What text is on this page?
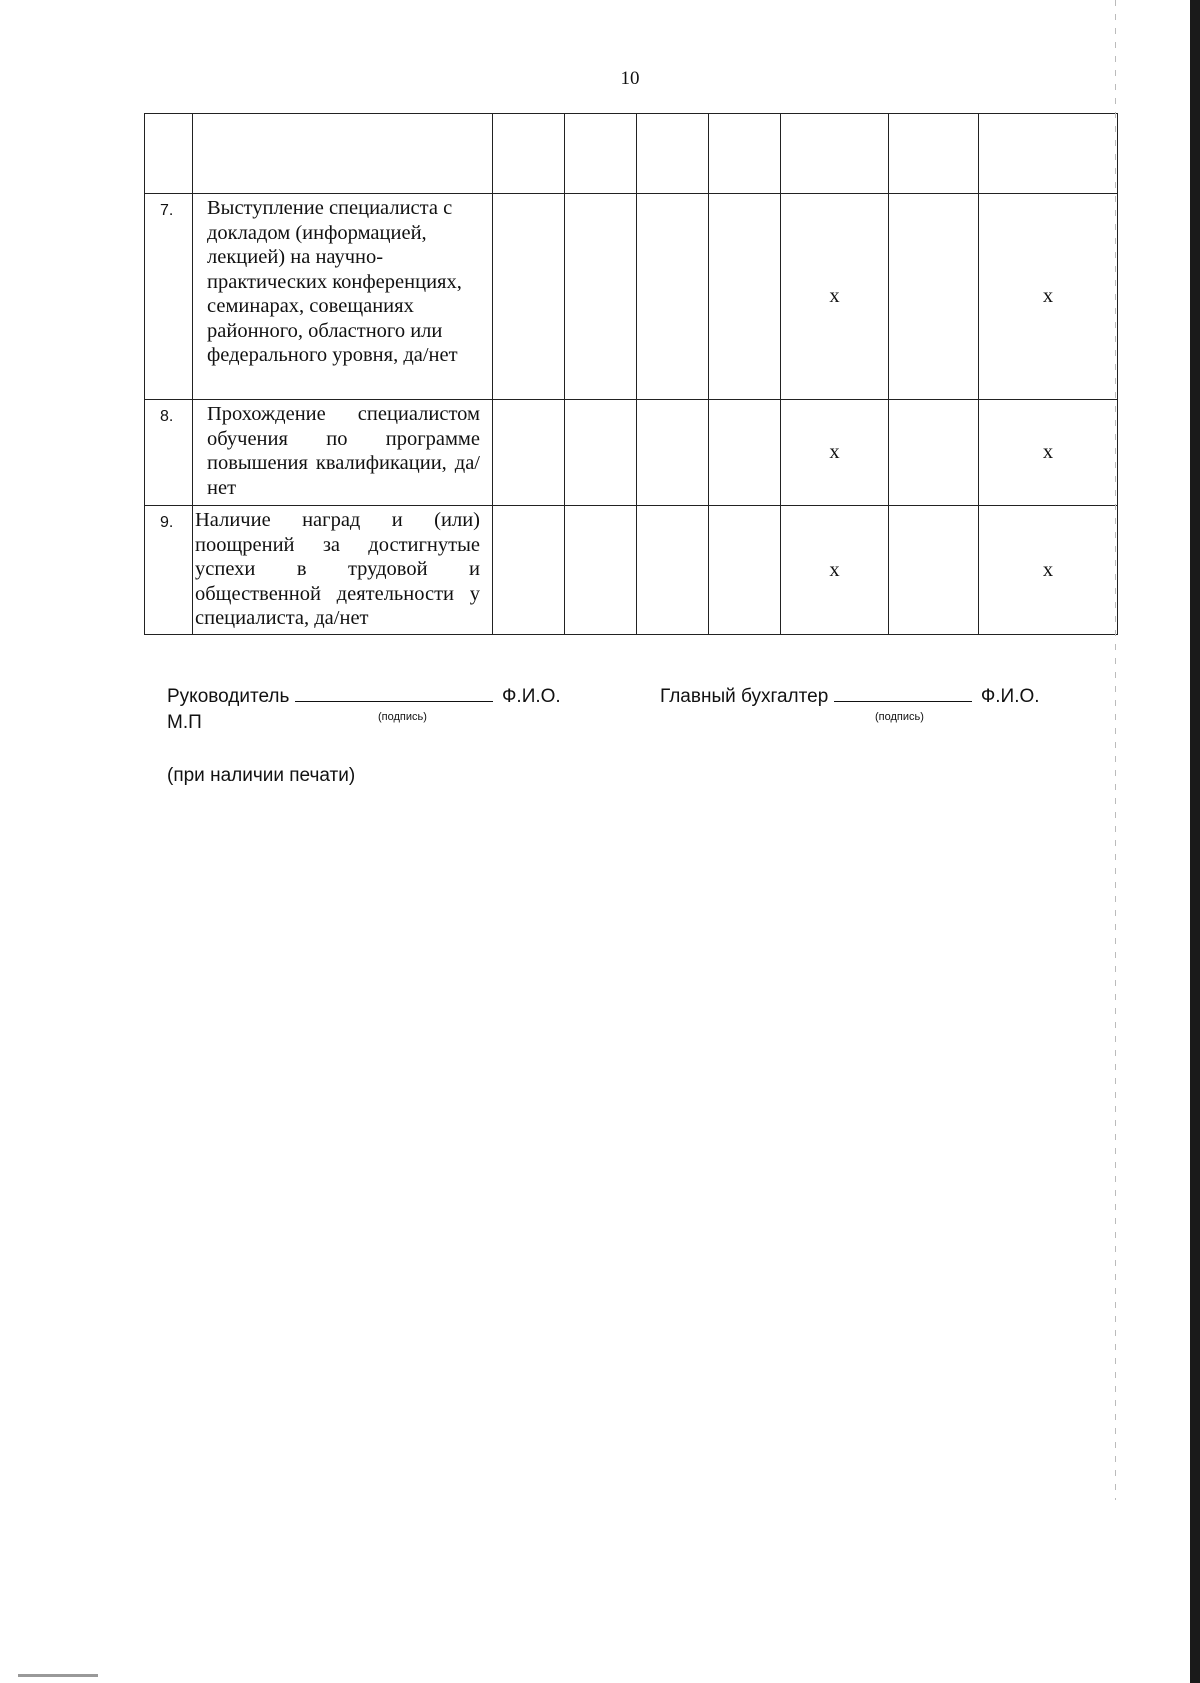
10

7.	Выступление специалиста с докладом (информацией, лекцией) на научно-практических конференциях, семинарах, совещаниях районного, областного или федерального уровня, да/нет					х		х
8.	Прохождение специалистом обучения по программе повышения квалификации, да/нет					х		х
9.	Наличие наград и (или) поощрений за достигнутые успехи в трудовой и общественной деятельности у специалиста, да/нет					х		х
Руководитель	Ф.И.О.
(подпись)
М.П
Главный бухгалтер	Ф.И.О.
(подпись)
(при наличии печати)
